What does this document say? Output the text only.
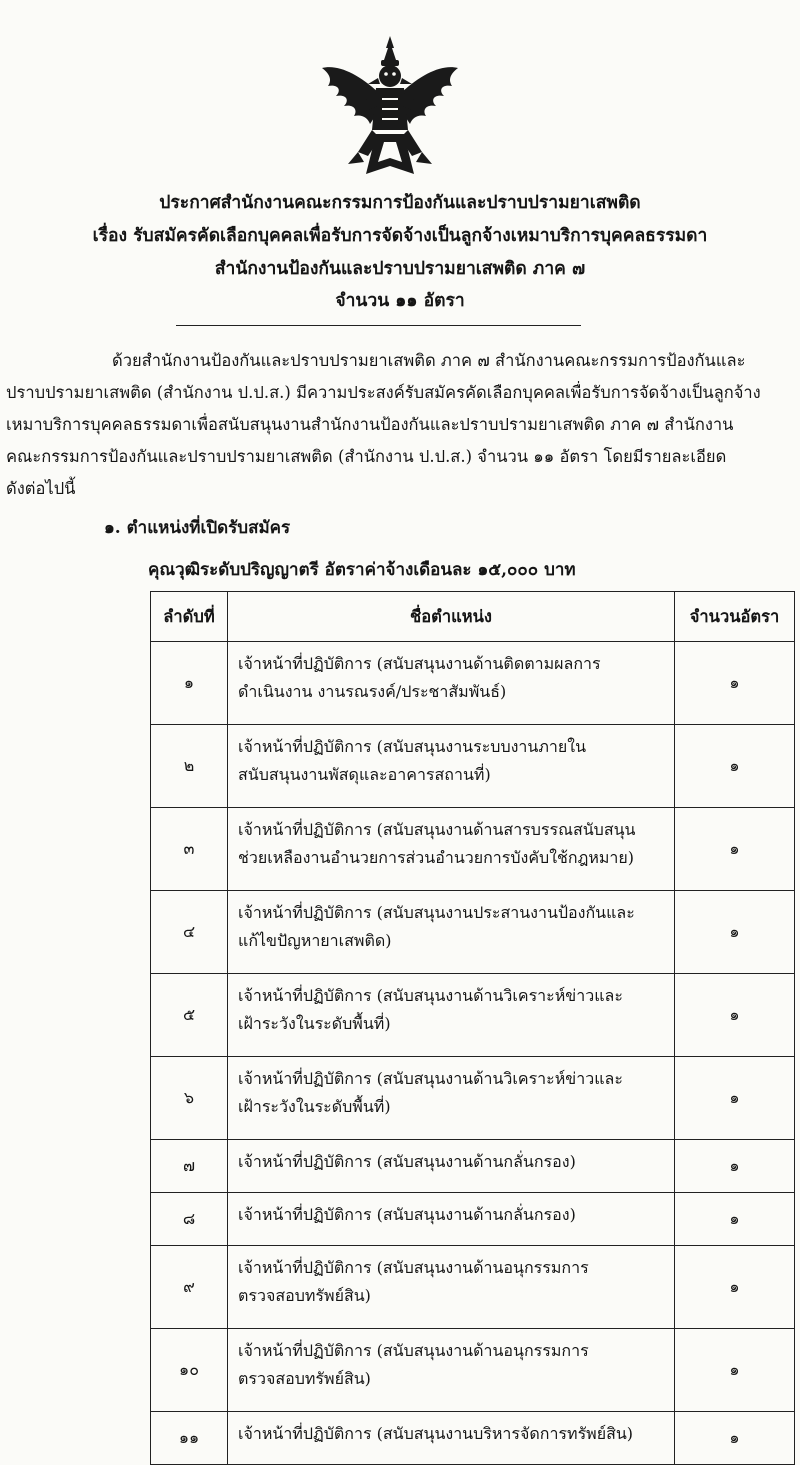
ประกาศสำนักงานคณะกรรมการป้องกันและปราบปรามยาเสพติด
เรื่อง รับสมัครคัดเลือกบุคคลเพื่อรับการจัดจ้างเป็นลูกจ้างเหมาบริการบุคคลธรรมดา
สำนักงานป้องกันและปราบปรามยาเสพติด ภาค ๗
จำนวน ๑๑ อัตรา
ด้วยสำนักงานป้องกันและปราบปรามยาเสพติด ภาค ๗ สำนักงานคณะกรรมการป้องกันและ
ปราบปรามยาเสพติด (สำนักงาน ป.ป.ส.) มีความประสงค์รับสมัครคัดเลือกบุคคลเพื่อรับการจัดจ้างเป็นลูกจ้าง
เหมาบริการบุคคลธรรมดาเพื่อสนับสนุนงานสำนักงานป้องกันและปราบปรามยาเสพติด ภาค ๗ สำนักงาน
คณะกรรมการป้องกันและปราบปรามยาเสพติด (สำนักงาน ป.ป.ส.) จำนวน ๑๑ อัตรา โดยมีรายละเอียด
ดังต่อไปนี้
๑. ตำแหน่งที่เปิดรับสมัคร
คุณวุฒิระดับปริญญาตรี อัตราค่าจ้างเดือนละ ๑๕,๐๐๐ บาท
ลำดับที่	ชื่อตำแหน่ง	จำนวนอัตรา
๑	เจ้าหน้าที่ปฏิบัติการ (สนับสนุนงานด้านติดตามผลการ
ดำเนินงาน งานรณรงค์/ประชาสัมพันธ์)	๑
๒	เจ้าหน้าที่ปฏิบัติการ (สนับสนุนงานระบบงานภายใน
สนับสนุนงานพัสดุและอาคารสถานที่)	๑
๓	เจ้าหน้าที่ปฏิบัติการ (สนับสนุนงานด้านสารบรรณสนับสนุน
ช่วยเหลืองานอำนวยการส่วนอำนวยการบังคับใช้กฎหมาย)	๑
๔	เจ้าหน้าที่ปฏิบัติการ (สนับสนุนงานประสานงานป้องกันและ
แก้ไขปัญหายาเสพติด)	๑
๕	เจ้าหน้าที่ปฏิบัติการ (สนับสนุนงานด้านวิเคราะห์ข่าวและ
เฝ้าระวังในระดับพื้นที่)	๑
๖	เจ้าหน้าที่ปฏิบัติการ (สนับสนุนงานด้านวิเคราะห์ข่าวและ
เฝ้าระวังในระดับพื้นที่)	๑
๗	เจ้าหน้าที่ปฏิบัติการ (สนับสนุนงานด้านกลั่นกรอง)	๑
๘	เจ้าหน้าที่ปฏิบัติการ (สนับสนุนงานด้านกลั่นกรอง)	๑
๙	เจ้าหน้าที่ปฏิบัติการ (สนับสนุนงานด้านอนุกรรมการ
ตรวจสอบทรัพย์สิน)	๑
๑๐	เจ้าหน้าที่ปฏิบัติการ (สนับสนุนงานด้านอนุกรรมการ
ตรวจสอบทรัพย์สิน)	๑
๑๑	เจ้าหน้าที่ปฏิบัติการ (สนับสนุนงานบริหารจัดการทรัพย์สิน)	๑
